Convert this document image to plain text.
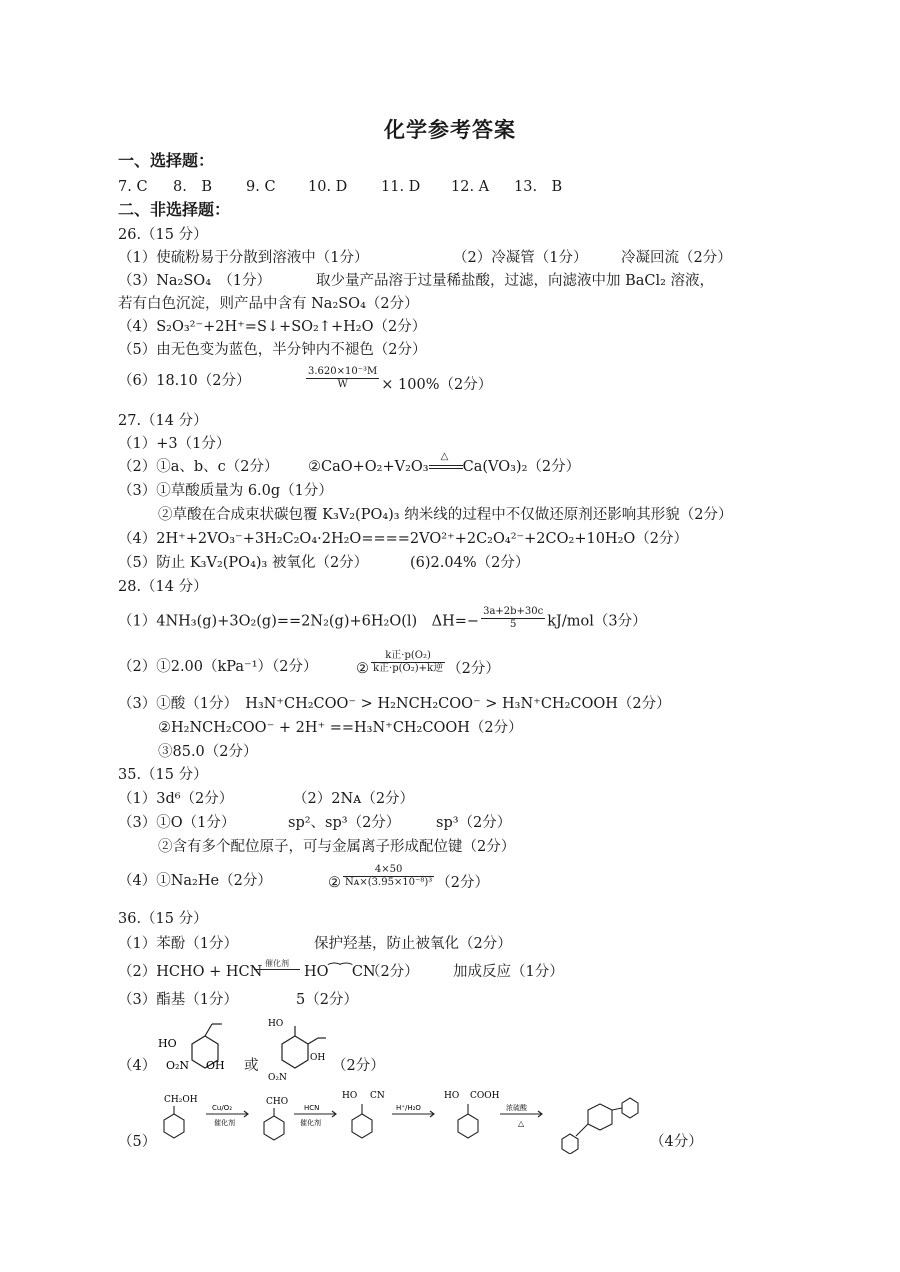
化学参考答案
一、选择题：
7. C 8.　B 9. C 10. D 11. D 12. A 13.　B
二、非选择题：
26.（15 分）
（1）使硫粉易于分散到溶液中（1分）	（2）冷凝管（1分） 冷凝回流（2分）
（3）Na₂SO₄　（1分）	取少量产品溶于过量稀盐酸，过滤，向滤液中加 BaCl₂ 溶液，
若有白色沉淀，则产品中含有 Na₂SO₄（2分）
（4）S₂O₃²⁻+2H⁺=S↓+SO₂↑+H₂O（2分）
（5）由无色变为蓝色，半分钟内不褪色（2分）
（6）18.10（2分）	$\frac{\text{3.620×10⁻³M}}{W} \times 100\%(2$分）
27.（14 分）
（1）+3（1分）
（2）①a、b、c（2分） ②CaO+O₂+V₂O₃
△
Ca(VO₃)₂（2分）
（3）①草酸质量为 6.0g（1分）
②草酸在合成束状碳包覆 K₃V₂(PO₄)₃ 纳米线的过程中不仅做还原剂还影响其形貌（2分）
（4）2H⁺+2VO₃⁻+3H₂C₂O₄·2H₂O====2VO²⁺+2C₂O₄²⁻+2CO₂+10H₂O（2分）
（5）防止 K₃V₂(PO₄)₃ 被氧化（2分）	(6)2.04%（2分）
28.（14 分）
（1）4NH₃(g)+3O₂(g)==2N₂(g)+6H₂O(l)　$\Delta H=- \frac{3a+2b+30c}{5} kJ/mol(3$分）
（2）①2.00（kPa⁻¹）（2分）	② $\frac{\text{k正·p(O₂)}}{\text{k正·p(O₂)+k逆}} (2$分）
（3）①酸（1分）　H₃N⁺CH₂COO⁻ > H₂NCH₂COO⁻ > H₃N⁺CH₂COOH（2分）
②H₂NCH₂COO⁻ + 2H⁺ ==H₃N⁺CH₂COOH（2分）
③85.0（2分）
35.（15 分）
（1）3d⁶（2分）	（2）2Nᴀ（2分）
（3）①O（1分）	sp²、sp³（2分） sp³（2分）
②含有多个配位原子，可与金属离子形成配位键（2分）
（4）①Na₂He（2分）	② $\frac{4\times 50}{\text{Nᴀ×(3.95×10⁻⁸)³}} (2$分）
36.（15 分）
（1）苯酚（1分）	保护羟基，防止被氧化（2分）
（2）HCHO + HCN
催化剂
HO⁀⁀CN
（2分） 加成反应（1分）
（3）酯基（1分）	5（2分）
（4）
HO
O₂N OH
HO
OH
O₂N
或	（2分）
（5）	（4分）
CH₂OH
Cu/O₂
催化剂
CHO
HCN
催化剂
HO CN
H⁺/H₂O
HO COOH
浓硫酸
△
